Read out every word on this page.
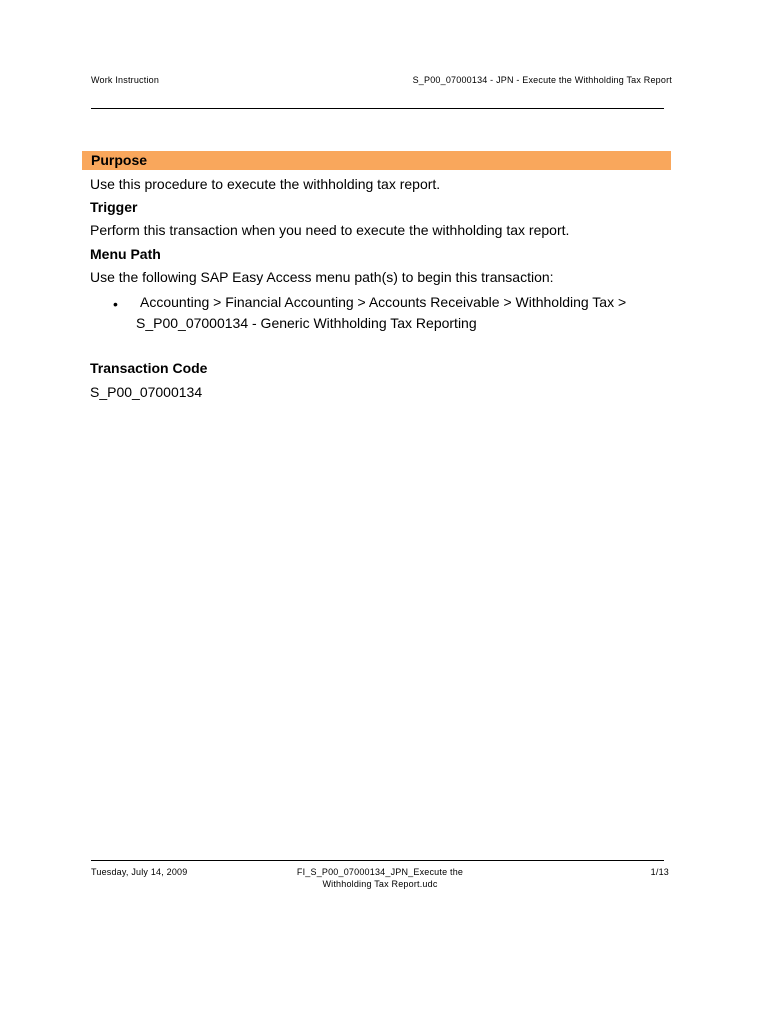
Work Instruction	S_P00_07000134 - JPN - Execute the Withholding Tax Report
Purpose
Use this procedure to execute the withholding tax report.
Trigger
Perform this transaction when you need to execute the withholding tax report.
Menu Path
Use the following SAP Easy Access menu path(s) to begin this transaction:
• Accounting > Financial Accounting > Accounts Receivable > Withholding Tax >
S_P00_07000134 - Generic Withholding Tax Reporting
Transaction Code
S_P00_07000134
Tuesday, July 14, 2009	FI_S_P00_07000134_JPN_Execute the
Withholding Tax Report.udc
1/13
